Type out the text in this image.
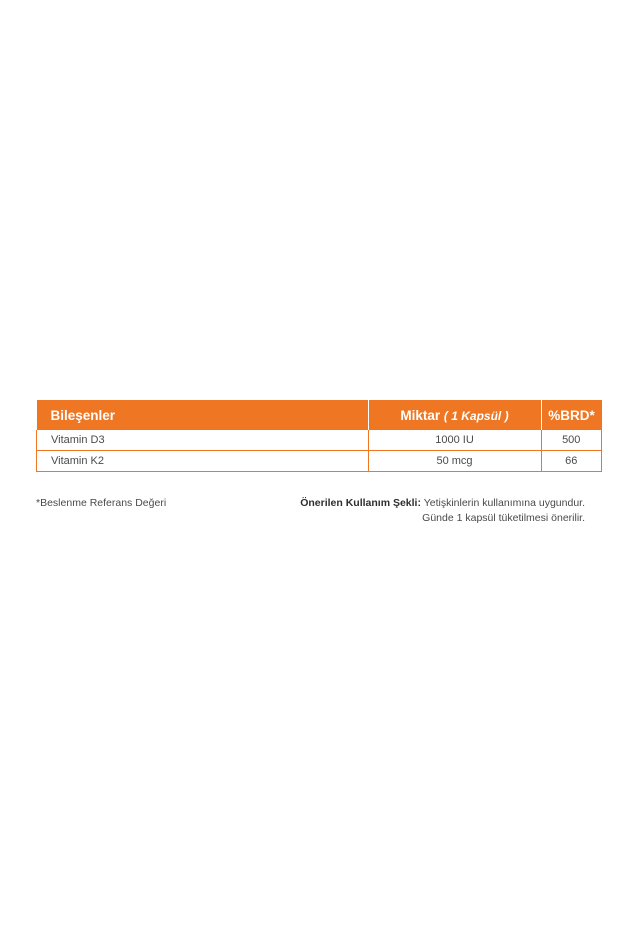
Bileşenler	Miktar ( 1 Kapsül )	%BRD*
Vitamin D3	1000 IU	500
Vitamin K2	50 mcg	66
*Beslenme Referans Değeri	Önerilen Kullanım Şekli: Yetişkinlerin kullanımına uygundur.
Günde 1 kapsül tüketilmesi önerilir.
